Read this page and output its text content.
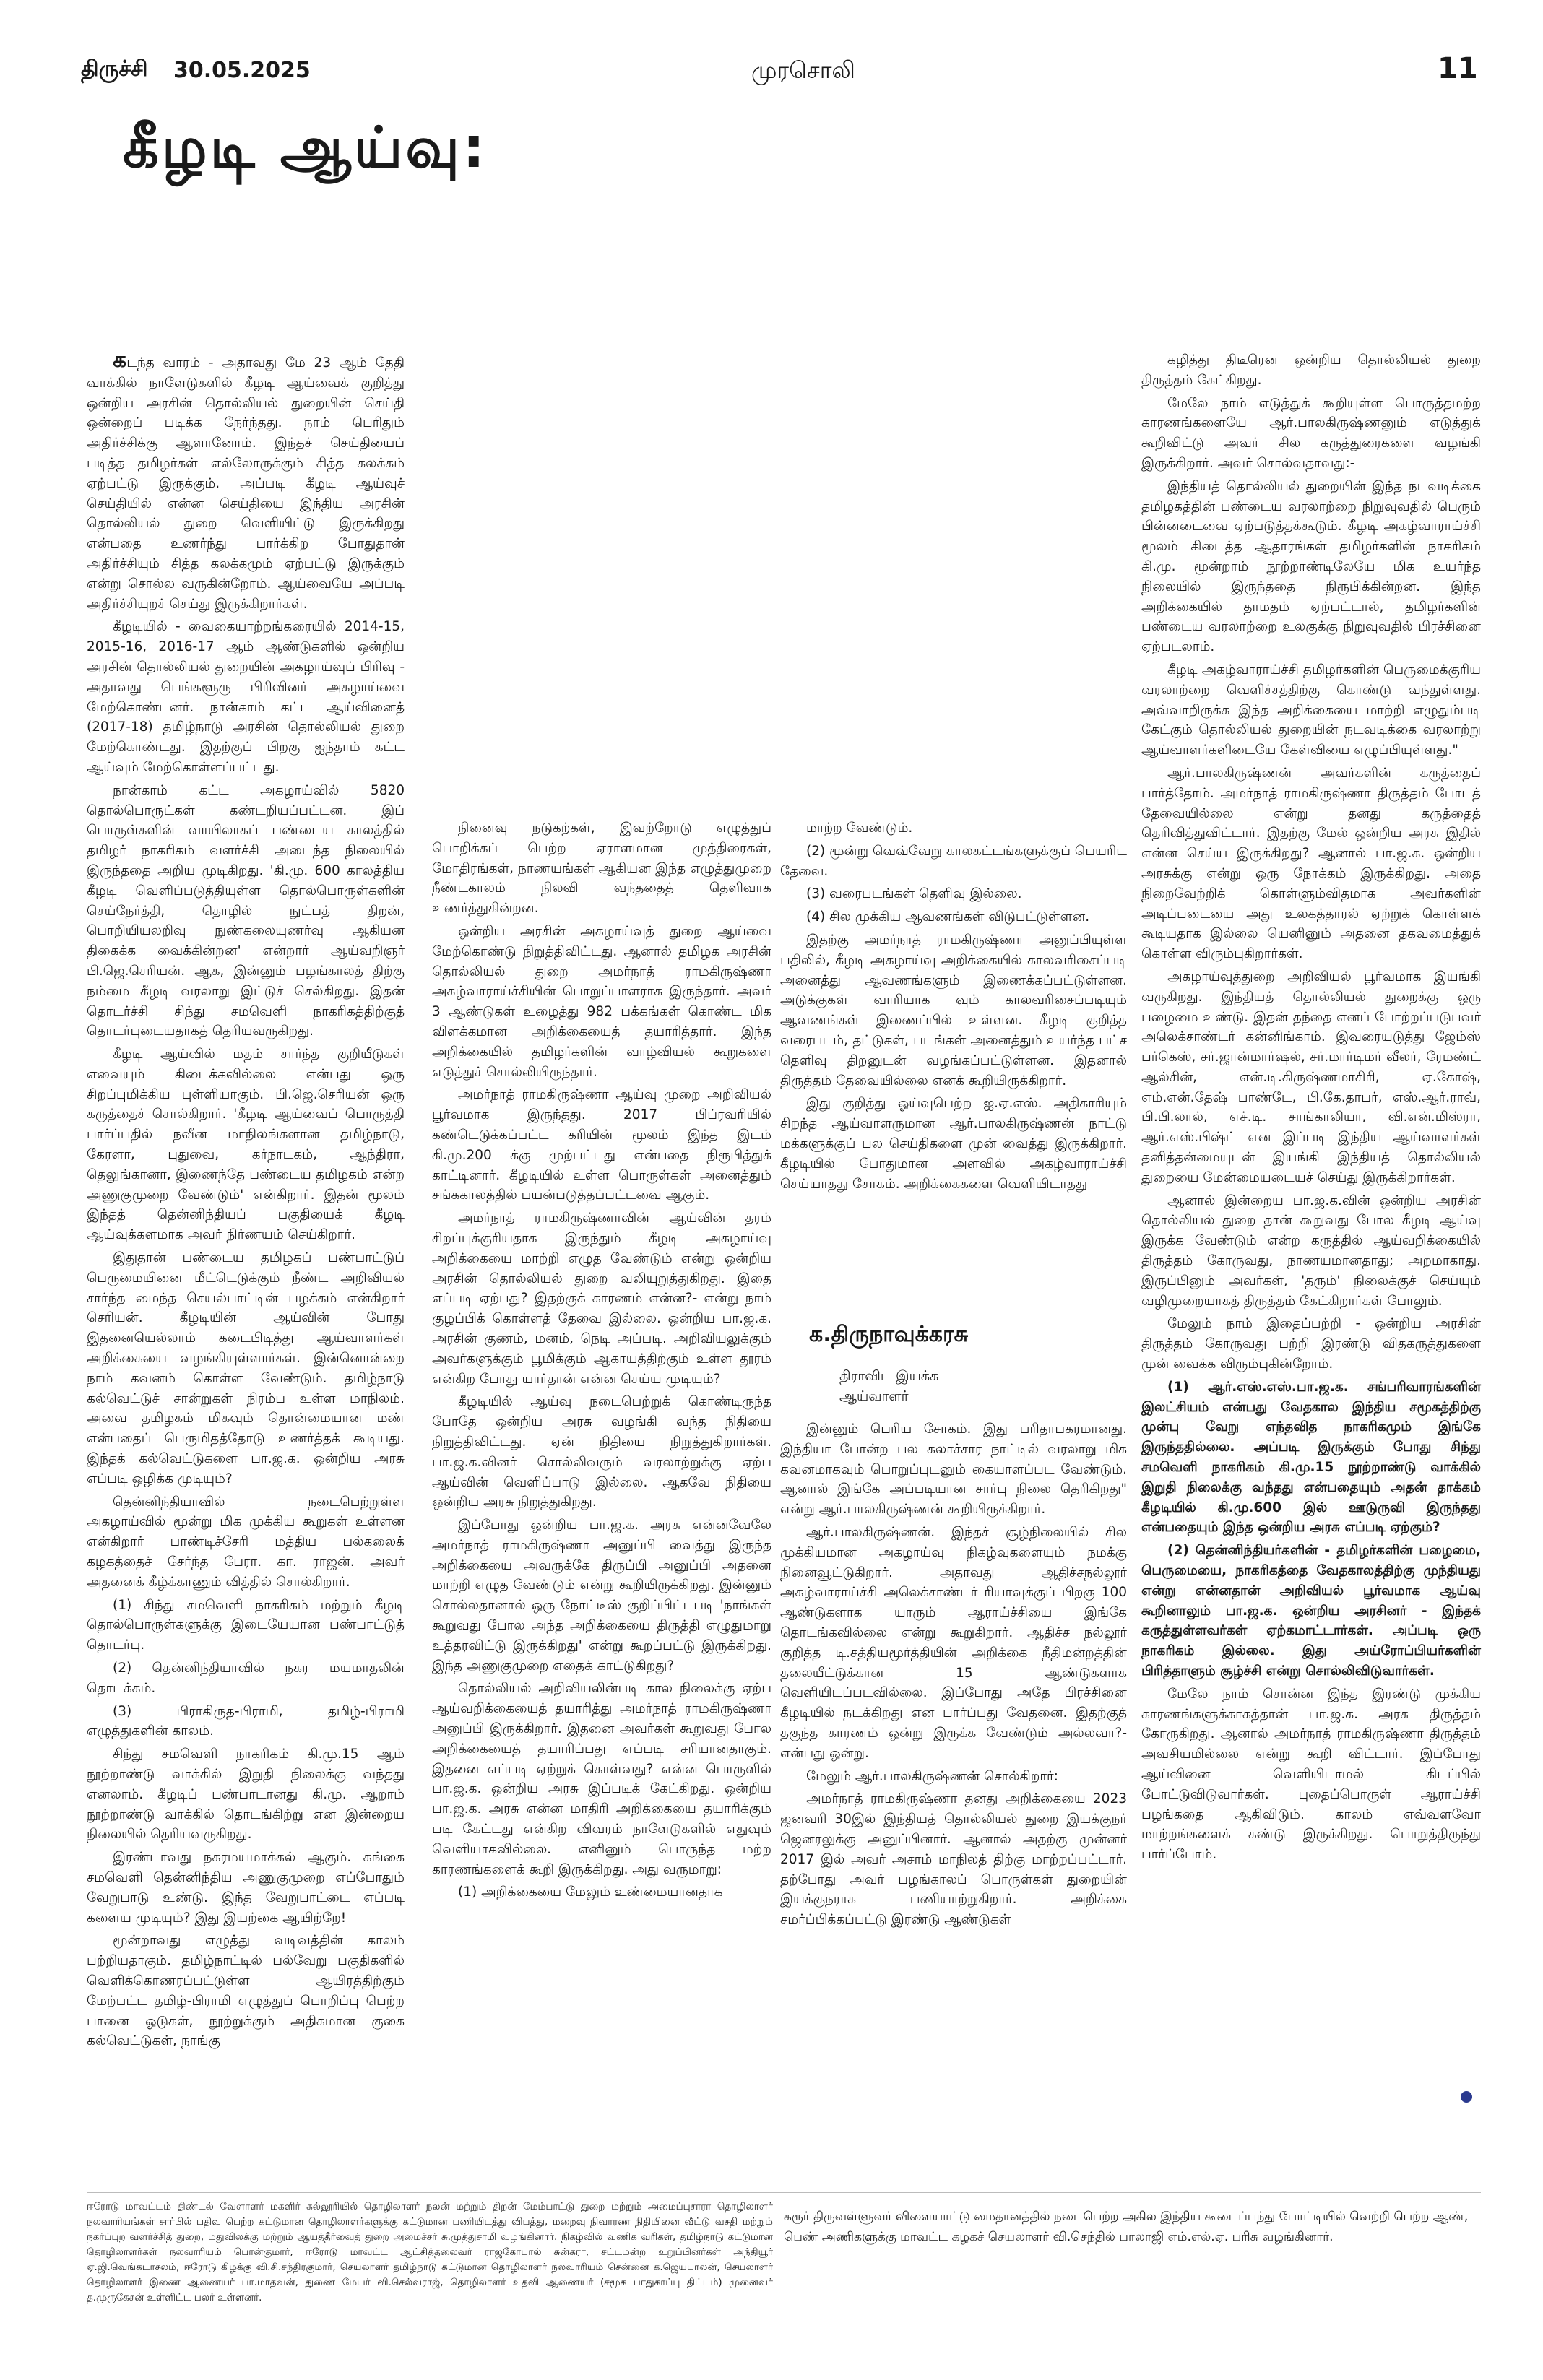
திருச்சி 30.05.2025	முரசொலி	11
கீழடி ஆய்வு:

கடந்த வாரம் - அதாவது மே 23 ஆம் தேதி வாக்கில் நாளேடுகளில் கீழடி ஆய்வைக் குறித்து ஒன்றிய அரசின் தொல்லியல் துறையின் செய்தி ஒன்றைப் படிக்க நேர்ந்தது. நாம் பெரிதும் அதிர்ச்சிக்கு ஆளானோம். இந்தச் செய்தியைப் படித்த தமிழர்கள் எல்லோருக்கும் சித்த கலக்கம் ஏற்பட்டு இருக்கும். அப்படி கீழடி ஆய்வுச் செய்தியில் என்ன செய்தியை இந்திய அரசின் தொல்லியல் துறை வெளியிட்டு இருக்கிறது என்பதை உணர்ந்து பார்க்கிற போதுதான் அதிர்ச்சியும் சித்த கலக்கமும் ஏற்பட்டு இருக்கும் என்று சொல்ல வருகின்றோம். ஆய்வையே அப்படி அதிர்ச்சியுறச் செய்து இருக்கிறார்கள்.

கீழடியில் - வைகையாற்றங்கரையில் 2014-15, 2015-16, 2016-17 ஆம் ஆண்டுகளில் ஒன்றிய அரசின் தொல்லியல் துறையின் அகழாய்வுப் பிரிவு - அதாவது பெங்களூரு பிரிவினர் அகழாய்வை மேற்கொண்டனர். நான்காம் கட்ட ஆய்வினைத் (2017-18) தமிழ்நாடு அரசின் தொல்லியல் துறை மேற்கொண்டது. இதற்குப் பிறகு ஐந்தாம் கட்ட ஆய்வும் மேற்கொள்ளப்பட்டது.

நான்காம் கட்ட அகழாய்வில் 5820 தொல்பொருட்கள் கண்டறியப்பட்டன. இப் பொருள்களின் வாயிலாகப் பண்டைய காலத்தில் தமிழர் நாகரிகம் வளர்ச்சி அடைந்த நிலையில் இருந்ததை அறிய முடிகிறது. 'கி.மு. 600 காலத்திய கீழடி வெளிப்படுத்தியுள்ள தொல்பொருள்களின் செய்நேர்த்தி, தொழில் நுட்பத் திறன், பொறியியலறிவு நுண்கலையுணர்வு ஆகியன திகைக்க வைக்கின்றன' என்றார் ஆய்வறிஞர் பி.ஜெ.செரியன். ஆக, இன்னும் பழங்காலத் திற்கு நம்மை கீழடி வரலாறு இட்டுச் செல்கிறது. இதன் தொடர்ச்சி சிந்து சமவெளி நாகரிகத்திற்குத் தொடர்புடையதாகத் தெரியவருகிறது.

கீழடி ஆய்வில் மதம் சார்ந்த குறியீடுகள் எவையும் கிடைக்கவில்லை என்பது ஒரு சிறப்புமிக்கிய புள்ளியாகும். பி.ஜெ.செரியன் ஒரு கருத்தைச் சொல்கிறார். 'கீழடி ஆய்வைப் பொருத்தி பார்ப்பதில் நவீன மாநிலங்களான தமிழ்நாடு, கேரளா, புதுவை, கர்நாடகம், ஆந்திரா, தெலுங்கானா, இணைந்தே பண்டைய தமிழகம் என்ற அணுகுமுறை வேண்டும்' என்கிறார். இதன் மூலம் இந்தத் தென்னிந்தியப் பகுதியைக் கீழடி ஆய்வுக்களமாக அவர் நிர்ணயம் செய்கிறார்.

இதுதான் பண்டைய தமிழகப் பண்பாட்டுப் பெருமையினை மீட்டெடுக்கும் நீண்ட அறிவியல் சார்ந்த மைந்த செயல்பாட்டின் பழக்கம் என்கிறார் செரியன். கீழடியின் ஆய்வின் போது இதனையெல்லாம் கடைபிடித்து ஆய்வாளர்கள் அறிக்கையை வழங்கியுள்ளார்கள். இன்னொன்றை நாம் கவனம் கொள்ள வேண்டும். தமிழ்நாடு கல்வெட்டுச் சான்றுகள் நிரம்ப உள்ள மாநிலம். அவை தமிழகம் மிகவும் தொன்மையான மண் என்பதைப் பெருமிதத்தோடு உணர்த்தக் கூடியது. இந்தக் கல்வெட்டுகளை பா.ஜ.க. ஒன்றிய அரசு எப்படி ஒழிக்க முடியும்?

தென்னிந்தியாவில் நடைபெற்றுள்ள அகழாய்வில் மூன்று மிக முக்கிய கூறுகள் உள்ளன என்கிறார் பாண்டிச்சேரி மத்திய பல்கலைக் கழகத்தைச் சேர்ந்த பேரா. கா. ராஜன். அவர் அதனைக் கீழ்க்காணும் வித்தில் சொல்கிறார்.

(1) சிந்து சமவெளி நாகரிகம் மற்றும் கீழடி தொல்பொருள்களுக்கு இடையேயான பண்பாட்டுத் தொடர்பு.

(2) தென்னிந்தியாவில் நகர மயமாதலின் தொடக்கம்.

(3) பிராகிருத-பிராமி, தமிழ்-பிராமி எழுத்துகளின் காலம்.

சிந்து சமவெளி நாகரிகம் கி.மு.15 ஆம் நூற்றாண்டு வாக்கில் இறுதி நிலைக்கு வந்தது எனலாம். கீழடிப் பண்பாடானது கி.மு. ஆறாம் நூற்றாண்டு வாக்கில் தொடங்கிற்று என இன்றைய நிலையில் தெரியவருகிறது.

இரண்டாவது நகரமயமாக்கல் ஆகும். கங்கை சமவெளி தென்னிந்திய அணுகுமுறை எப்போதும் வேறுபாடு உண்டு. இந்த வேறுபாட்டை எப்படி களைய முடியும்? இது இயற்கை ஆயிற்றே!

மூன்றாவது எழுத்து வடிவத்தின் காலம் பற்றியதாகும். தமிழ்நாட்டில் பல்வேறு பகுதிகளில் வெளிக்கொணரப்பட்டுள்ள ஆயிரத்திற்கும் மேற்பட்ட தமிழ்-பிராமி எழுத்துப் பொறிப்பு பெற்ற பானை ஓடுகள், நூற்றுக்கும் அதிகமான குகை கல்வெட்டுகள், நாங்கு

நினைவு நடுகற்கள், இவற்றோடு எழுத்துப் பொறிக்கப் பெற்ற ஏராளமான முத்திரைகள், மோதிரங்கள், நாணயங்கள் ஆகியன இந்த எழுத்துமுறை நீண்டகாலம் நிலவி வந்ததைத் தெளிவாக உணர்த்துகின்றன.

ஒன்றிய அரசின் அகழாய்வுத் துறை ஆய்வை மேற்கொண்டு நிறுத்திவிட்டது. ஆனால் தமிழக அரசின் தொல்லியல் துறை அமர்நாத் ராமகிருஷ்ணா அகழ்வாராய்ச்சியின் பொறுப்பாளராக இருந்தார். அவர் 3 ஆண்டுகள் உழைத்து 982 பக்கங்கள் கொண்ட மிக விளக்கமான அறிக்கையைத் தயாரித்தார். இந்த அறிக்கையில் தமிழர்களின் வாழ்வியல் கூறுகளை எடுத்துச் சொல்லியிருந்தார்.

அமர்நாத் ராமகிருஷ்ணா ஆய்வு முறை அறிவியல் பூர்வமாக இருந்தது. 2017 பிப்ரவரியில் கண்டெடுக்கப்பட்ட கரியின் மூலம் இந்த இடம் கி.மு.200 க்கு முற்பட்டது என்பதை நிரூபித்துக் காட்டினார். கீழடியில் உள்ள பொருள்கள் அனைத்தும் சங்ககாலத்தில் பயன்படுத்தப்பட்டவை ஆகும்.

அமர்நாத் ராமகிருஷ்ணாவின் ஆய்வின் தரம் சிறப்புக்குரியதாக இருந்தும் கீழடி அகழாய்வு அறிக்கையை மாற்றி எழுத வேண்டும் என்று ஒன்றிய அரசின் தொல்லியல் துறை வலியுறுத்துகிறது. இதை எப்படி ஏற்பது? இதற்குக் காரணம் என்ன?- என்று நாம் குழப்பிக் கொள்ளத் தேவை இல்லை. ஒன்றிய பா.ஜ.க. அரசின் குணம், மனம், நெடி அப்படி. அறிவியலுக்கும் அவர்களுக்கும் பூமிக்கும் ஆகாயத்திற்கும் உள்ள தூரம் என்கிற போது யார்தான் என்ன செய்ய முடியும்?

கீழடியில் ஆய்வு நடைபெற்றுக் கொண்டிருந்த போதே ஒன்றிய அரசு வழங்கி வந்த நிதியை நிறுத்திவிட்டது. ஏன் நிதியை நிறுத்துகிறார்கள். பா.ஜ.க.வினர் சொல்லிவரும் வரலாற்றுக்கு ஏற்ப ஆய்வின் வெளிப்பாடு இல்லை. ஆகவே நிதியை ஒன்றிய அரசு நிறுத்துகிறது.

இப்போது ஒன்றிய பா.ஜ.க. அரசு என்னவேலே அமர்நாத் ராமகிருஷ்ணா அனுப்பி வைத்து இருந்த அறிக்கையை அவருக்கே திருப்பி அனுப்பி அதனை மாற்றி எழுத வேண்டும் என்று கூறியிருக்கிறது. இன்னும் சொல்லதானால் ஒரு நோட்டீஸ் குறிப்பிட்டபடி 'நாங்கள் கூறுவது போல அந்த அறிக்கையை திருத்தி எழுதுமாறு உத்தரவிட்டு இருக்கிறது' என்று கூறப்பட்டு இருக்கிறது. இந்த அணுகுமுறை எதைக் காட்டுகிறது?

தொல்லியல் அறிவியலின்படி கால நிலைக்கு ஏற்ப ஆய்வறிக்கையைத் தயாரித்து அமர்நாத் ராமகிருஷ்ணா அனுப்பி இருக்கிறார். இதனை அவர்கள் கூறுவது போல அறிக்கையைத் தயாரிப்பது எப்படி சரியானதாகும். இதனை எப்படி ஏற்றுக் கொள்வது? என்ன பொருளில் பா.ஜ.க. ஒன்றிய அரசு இப்படிக் கேட்கிறது. ஒன்றிய பா.ஜ.க. அரசு என்ன மாதிரி அறிக்கையை தயாரிக்கும் படி கேட்டது என்கிற விவரம் நாளேடுகளில் எதுவும் வெளியாகவில்லை. எனினும் பொருந்த மற்ற காரணங்களைக் கூறி இருக்கிறது. அது வருமாறு:

(1) அறிக்கையை மேலும் உண்மையானதாக

மாற்ற வேண்டும்.

(2) மூன்று வெவ்வேறு காலகட்டங்களுக்குப் பெயரிட தேவை.

(3) வரைபடங்கள் தெளிவு இல்லை.

(4) சில முக்கிய ஆவணங்கள் விடுபட்டுள்ளன.

இதற்கு அமர்நாத் ராமகிருஷ்ணா அனுப்பியுள்ள பதிலில், கீழடி அகழாய்வு அறிக்கையில் காலவரிசைப்படி அனைத்து ஆவணங்களும் இணைக்கப்பட்டுள்ளன. அடுக்குகள் வாரியாக வும் காலவரிசைப்படியும் ஆவணங்கள் இணைப்பில் உள்ளன. கீழடி குறித்த வரைபடம், தட்டுகள், படங்கள் அனைத்தும் உயர்ந்த பட்ச தெளிவு திறனுடன் வழங்கப்பட்டுள்ளன. இதனால் திருத்தம் தேவையில்லை எனக் கூறியிருக்கிறார்.

இது குறித்து ஓய்வுபெற்ற ஐ.ஏ.எஸ். அதிகாரியும் சிறந்த ஆய்வாளருமான ஆர்.பாலகிருஷ்ணன் நாட்டு மக்களுக்குப் பல செய்திகளை முன் வைத்து இருக்கிறார். கீழடியில் போதுமான அளவில் அகழ்வாராய்ச்சி செய்யாதது சோகம். அறிக்கைகளை வெளியிடாதது

க.திருநாவுக்கரசு
திராவிட இயக்க
ஆய்வாளர்

இன்னும் பெரிய சோகம். இது பரிதாபகரமானது. இந்தியா போன்ற பல கலாச்சார நாட்டில் வரலாறு மிக கவனமாகவும் பொறுப்புடனும் கையாளப்பட வேண்டும். ஆனால் இங்கே அப்படியான சார்பு நிலை தெரிகிறது" என்று ஆர்.பாலகிருஷ்ணன் கூறியிருக்கிறார்.

ஆர்.பாலகிருஷ்ணன். இந்தச் சூழ்நிலையில் சில முக்கியமான அகழாய்வு நிகழ்வுகளையும் நமக்கு நினைவூட்டுகிறார். அதாவது ஆதிச்சநல்லூர் அகழ்வாராய்ச்சி அலெக்சாண்டர் ரியாவுக்குப் பிறகு 100 ஆண்டுகளாக யாரும் ஆராய்ச்சியை இங்கே தொடங்கவில்லை என்று கூறுகிறார். ஆதிச்ச நல்லூர் குறித்த டி.சத்தியமூர்த்தியின் அறிக்கை நீதிமன்றத்தின் தலையீட்டுக்கான 15 ஆண்டுகளாக வெளியிடப்படவில்லை. இப்போது அதே பிரச்சினை கீழடியில் நடக்கிறது என பார்ப்பது வேதனை. இதற்குத் தகுந்த காரணம் ஒன்று இருக்க வேண்டும் அல்லவா?-என்பது ஒன்று.

மேலும் ஆர்.பாலகிருஷ்ணன் சொல்கிறார்:

அமர்நாத் ராமகிருஷ்ணா தனது அறிக்கையை 2023 ஜனவரி 30இல் இந்தியத் தொல்லியல் துறை இயக்குநர் ஜெனரலுக்கு அனுப்பினார். ஆனால் அதற்கு முன்னர் 2017 இல் அவர் அசாம் மாநிலத் திற்கு மாற்றப்பட்டார். தற்போது அவர் பழங்காலப் பொருள்கள் துறையின் இயக்குநராக பணியாற்றுகிறார். அறிக்கை சமர்ப்பிக்கப்பட்டு இரண்டு ஆண்டுகள்

கழித்து திடீரென ஒன்றிய தொல்லியல் துறை திருத்தம் கேட்கிறது.

மேலே நாம் எடுத்துக் கூறியுள்ள பொருத்தமற்ற காரணங்களையே ஆர்.பாலகிருஷ்ணனும் எடுத்துக் கூறிவிட்டு அவர் சில கருத்துரைகளை வழங்கி இருக்கிறார். அவர் சொல்வதாவது:-

இந்தியத் தொல்லியல் துறையின் இந்த நடவடிக்கை தமிழகத்தின் பண்டைய வரலாற்றை நிறுவுவதில் பெரும் பின்னடைவை ஏற்படுத்தக்கூடும். கீழடி அகழ்வாராய்ச்சி மூலம் கிடைத்த ஆதாரங்கள் தமிழர்களின் நாகரிகம் கி.மு. மூன்றாம் நூற்றாண்டிலேயே மிக உயர்ந்த நிலையில் இருந்ததை நிரூபிக்கின்றன. இந்த அறிக்கையில் தாமதம் ஏற்பட்டால், தமிழர்களின் பண்டைய வரலாற்றை உலகுக்கு நிறுவுவதில் பிரச்சினை ஏற்படலாம்.

கீழடி அகழ்வாராய்ச்சி தமிழர்களின் பெருமைக்குரிய வரலாற்றை வெளிச்சத்திற்கு கொண்டு வந்துள்ளது. அவ்வாறிருக்க இந்த அறிக்கையை மாற்றி எழுதும்படி கேட்கும் தொல்லியல் துறையின் நடவடிக்கை வரலாற்று ஆய்வாளர்களிடையே கேள்வியை எழுப்பியுள்ளது."

ஆர்.பாலகிருஷ்ணன் அவர்களின் கருத்தைப் பார்த்தோம். அமர்நாத் ராமகிருஷ்ணா திருத்தம் போடத் தேவையில்லை என்று தனது கருத்தைத் தெரிவித்துவிட்டார். இதற்கு மேல் ஒன்றிய அரசு இதில் என்ன செய்ய இருக்கிறது? ஆனால் பா.ஜ.க. ஒன்றிய அரசுக்கு என்று ஒரு நோக்கம் இருக்கிறது. அதை நிறைவேற்றிக் கொள்ளும்விதமாக அவர்களின் அடிப்படையை அது உலகத்தாரல் ஏற்றுக் கொள்ளக் கூடியதாக இல்லை யெனினும் அதனை தகவமைத்துக் கொள்ள விரும்புகிறார்கள்.

அகழாய்வுத்துறை அறிவியல் பூர்வமாக இயங்கி வருகிறது. இந்தியத் தொல்லியல் துறைக்கு ஒரு பழைமை உண்டு. இதன் தந்தை எனப் போற்றப்படுபவர் அலெக்சாண்டர் கன்னிங்காம். இவரையடுத்து ஜேம்ஸ் பர்கெஸ், சர்.ஜான்மார்ஷல், சர்.மார்டிமர் வீலர், ரேமண்ட் ஆல்சின், என்.டி.கிருஷ்ணமாசிரி, ஏ.கோஷ், எம்.என்.தேஷ் பாண்டே, பி.கே.தாபர், எஸ்.ஆர்.ராவ், பி.பி.லால், எச்.டி. சாங்காலியா, வி.என்.மிஸ்ரா, ஆர்.எஸ்.பிஷ்ட் என இப்படி இந்திய ஆய்வாளர்கள் தனித்தன்மையுடன் இயங்கி இந்தியத் தொல்லியல் துறையை மேன்மையடையச் செய்து இருக்கிறார்கள்.

ஆனால் இன்றைய பா.ஜ.க.வின் ஒன்றிய அரசின் தொல்லியல் துறை தான் கூறுவது போல கீழடி ஆய்வு இருக்க வேண்டும் என்ற கருத்தில் ஆய்வறிக்கையில் திருத்தம் கோருவது, நாணயமானதாது; அறமாகாது. இருப்பினும் அவர்கள், 'தரும்' நிலைக்குச் செய்யும் வழிமுறையாகத் திருத்தம் கேட்கிறார்கள் போலும்.

மேலும் நாம் இதைப்பற்றி - ஒன்றிய அரசின் திருத்தம் கோருவது பற்றி இரண்டு விதகருத்துகளை முன் வைக்க விரும்புகின்றோம்.

(1) ஆர்.எஸ்.எஸ்.பா.ஜ.க. சங்பரிவாரங்களின் இலட்சியம் என்பது வேதகால இந்திய சமூகத்திற்கு முன்பு வேறு எந்தவித நாகரிகமும் இங்கே இருந்ததில்லை. அப்படி இருக்கும் போது சிந்து சமவெளி நாகரிகம் கி.மு.15 நூற்றாண்டு வாக்கில் இறுதி நிலைக்கு வந்தது என்பதையும் அதன் தாக்கம் கீழடியில் கி.மு.600 இல் ஊடுருவி இருந்தது என்பதையும் இந்த ஒன்றிய அரசு எப்படி ஏற்கும்?

(2) தென்னிந்தியர்களின் - தமிழர்களின் பழைமை, பெருமையை, நாகரிகத்தை வேதகாலத்திற்கு முந்தியது என்று என்னதான் அறிவியல் பூர்வமாக ஆய்வு கூறினாலும் பா.ஜ.க. ஒன்றிய அரசினர் - இந்தக் கருத்துள்ளவர்கள் ஏற்கமாட்டார்கள். அப்படி ஒரு நாகரிகம் இல்லை. இது அய்ரோப்பியர்களின் பிரித்தாளும் சூழ்ச்சி என்று சொல்லிவிடுவார்கள்.

மேலே நாம் சொன்ன இந்த இரண்டு முக்கிய காரணங்களுக்காகத்தான் பா.ஜ.க. அரசு திருத்தம் கோருகிறது. ஆனால் அமர்நாத் ராமகிருஷ்ணா திருத்தம் அவசியமில்லை என்று கூறி விட்டார். இப்போது ஆய்வினை வெளியிடாமல் கிடப்பில் போட்டுவிடுவார்கள். புதைப்பொருள் ஆராய்ச்சி பழங்கதை ஆகிவிடும். காலம் எவ்வளவோ மாற்றங்களைக் கண்டு இருக்கிறது. பொறுத்திருந்து பார்ப்போம்.

ஈரோடு மாவட்டம் திண்டல் வேளாளர் மகளிர் கல்லூரியில் தொழிலாளர் நலன் மற்றும் திறன் மேம்பாட்டு துறை மற்றும் அமைப்புசாரா தொழிலாளர் நலவாரியங்கள் சார்பில் பதிவு பெற்ற கட்டுமான தொழிலாளர்களுக்கு கட்டுமான பணியிடத்து விபத்து, மறைவு நிவாரண நிதியினை வீட்டு வசதி மற்றும் நகர்ப்புற வளர்ச்சித் துறை, மதுவிலக்கு மற்றும் ஆயத்தீர்வைத் துறை அமைச்சர் சு.முத்துசாமி வழங்கினார். நிகழ்வில் வணிக வரிகள், தமிழ்நாடு கட்டுமான தொழிலாளர்கள் நலவாரியம் பொன்குமார், ஈரோடு மாவட்ட ஆட்சித்தலைவர் ராஜகோபால் சுன்கரா, சட்டமன்ற உறுப்பினர்கள் அந்தியூர் ஏ.ஜி.வெங்கடாசலம், ஈரோடு கிழக்கு வி.சி.சந்திரகுமார், செயலாளர் தமிழ்நாடு கட்டுமான தொழிலாளர் நலவாரியம் சென்னை க.ஜெயபாலன், செயலாளர் தொழிலாளர் இணை ஆணையர் பா.மாதவன், துணை மேயர் வி.செல்வராஜ், தொழிலாளர் உதவி ஆணையர் (சமூக பாதுகாப்பு திட்டம்) முனைவர் த.முருகேசன் உள்ளிட்ட பலர் உள்ளனர்.
கரூர் திருவள்ளுவர் விளையாட்டு மைதானத்தில் நடைபெற்ற அகில இந்திய கூடைப்பந்து போட்டியில் வெற்றி பெற்ற ஆண், பெண் அணிகளுக்கு மாவட்ட கழகச் செயலாளர் வி.செந்தில் பாலாஜி எம்.எல்.ஏ. பரிசு வழங்கினார்.
